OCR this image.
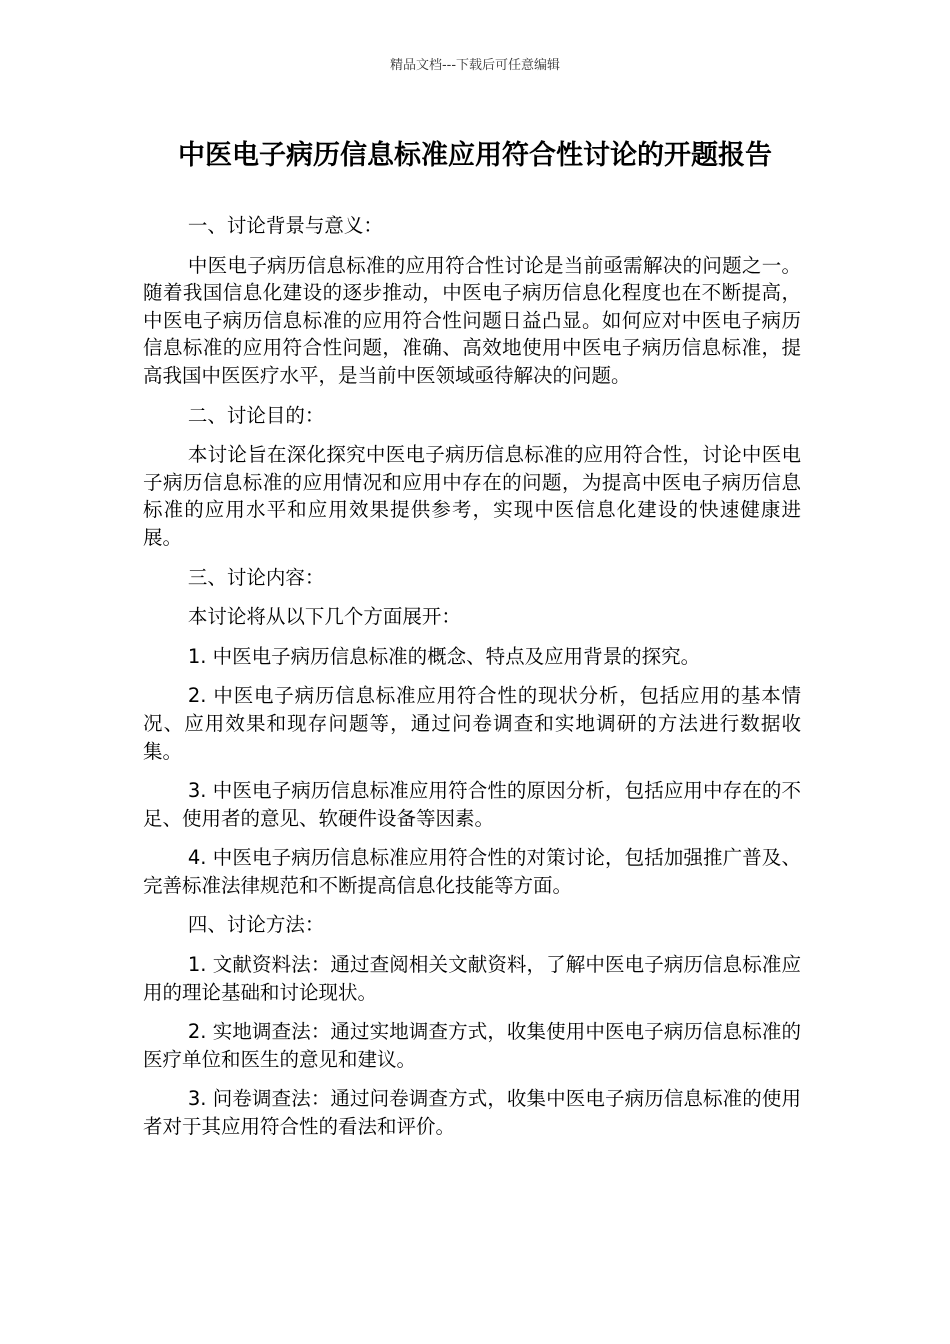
精品文档---下载后可任意编辑
中医电子病历信息标准应用符合性讨论的开题报告

一、讨论背景与意义：

中医电子病历信息标准的应用符合性讨论是当前亟需解决的问题之一。随着我国信息化建设的逐步推动，中医电子病历信息化程度也在不断提高，中医电子病历信息标准的应用符合性问题日益凸显。如何应对中医电子病历信息标准的应用符合性问题，准确、高效地使用中医电子病历信息标准，提高我国中医医疗水平，是当前中医领域亟待解决的问题。

二、讨论目的：

本讨论旨在深化探究中医电子病历信息标准的应用符合性，讨论中医电子病历信息标准的应用情况和应用中存在的问题，为提高中医电子病历信息标准的应用水平和应用效果提供参考，实现中医信息化建设的快速健康进展。

三、讨论内容：

本讨论将从以下几个方面展开：

1. 中医电子病历信息标准的概念、特点及应用背景的探究。

2. 中医电子病历信息标准应用符合性的现状分析，包括应用的基本情况、应用效果和现存问题等，通过问卷调查和实地调研的方法进行数据收集。

3. 中医电子病历信息标准应用符合性的原因分析，包括应用中存在的不足、使用者的意见、软硬件设备等因素。

4. 中医电子病历信息标准应用符合性的对策讨论，包括加强推广普及、完善标准法律规范和不断提高信息化技能等方面。

四、讨论方法：

1. 文献资料法：通过查阅相关文献资料，了解中医电子病历信息标准应用的理论基础和讨论现状。

2. 实地调查法：通过实地调查方式，收集使用中医电子病历信息标准的医疗单位和医生的意见和建议。

3. 问卷调查法：通过问卷调查方式，收集中医电子病历信息标准的使用者对于其应用符合性的看法和评价。
